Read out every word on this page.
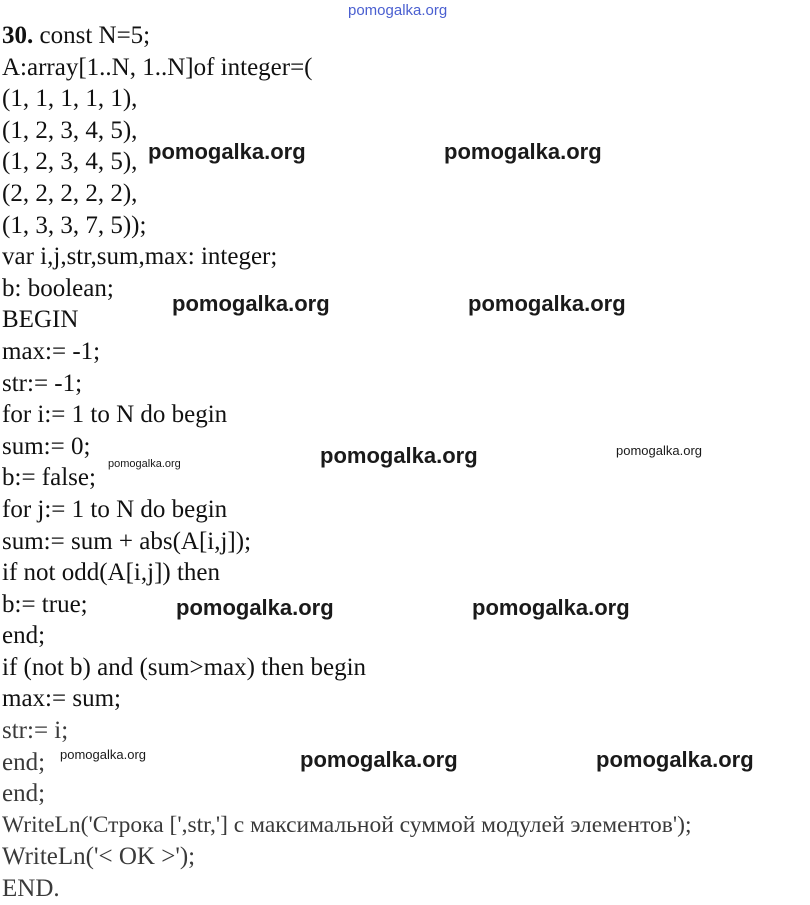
pomogalka.org
30. const N=5;
A:array[1..N, 1..N]of integer=(
(1, 1, 1, 1, 1),
(1, 2, 3, 4, 5),
(1, 2, 3, 4, 5),
(2, 2, 2, 2, 2),
(1, 3, 3, 7, 5));
var i,j,str,sum,max: integer;
b: boolean;
BEGIN
max:= -1;
str:= -1;
for i:= 1 to N do begin
sum:= 0;
b:= false;
for j:= 1 to N do begin
sum:= sum + abs(A[i,j]);
if not odd(A[i,j]) then
b:= true;
end;
if (not b) and (sum>max) then begin
max:= sum;
str:= i;
end;
end;
WriteLn('Строка [',str,'] с максимальной суммой модулей элементов');
WriteLn('< OK >');
END.
pomogalka.org	pomogalka.org
pomogalka.org	pomogalka.org
pomogalka.org	pomogalka.org
pomogalka.org
pomogalka.org	pomogalka.org
pomogalka.org	pomogalka.org	pomogalka.org
